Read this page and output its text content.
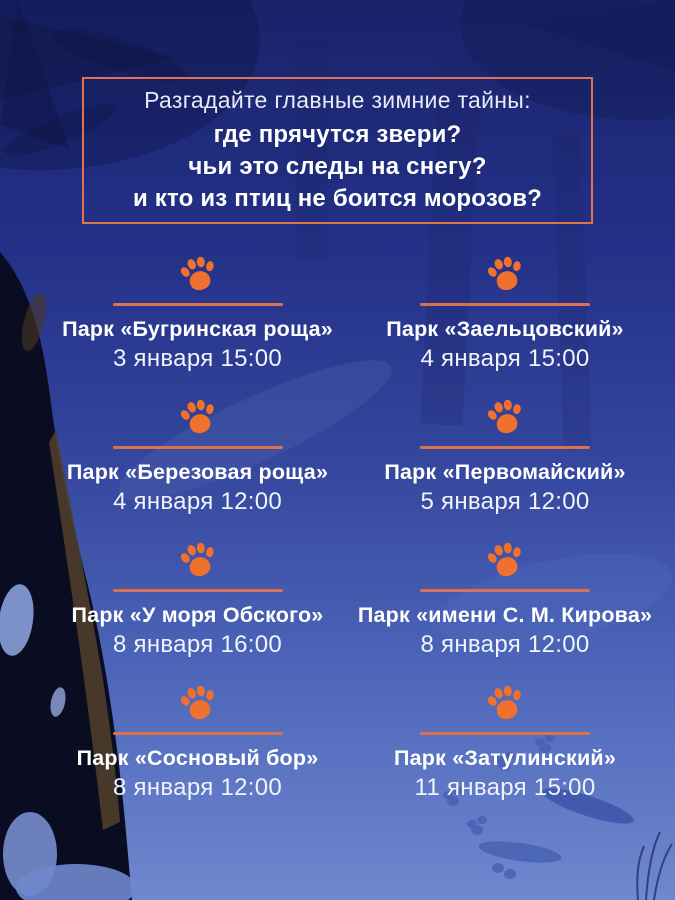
Разгадайте главные зимние тайны:

где прячутся звери?

чьи это следы на снегу?

и кто из птиц не боится морозов?

Парк «Бугринская роща»
3 января 15:00
Парк «Заельцовский»
4 января 15:00
Парк «Березовая роща»
4 января 12:00
Парк «Первомайский»
5 января 12:00
Парк «У моря Обского»
8 января 16:00
Парк «имени С. М. Кирова»
8 января 12:00
Парк «Сосновый бор»
8 января 12:00
Парк «Затулинский»
11 января 15:00
